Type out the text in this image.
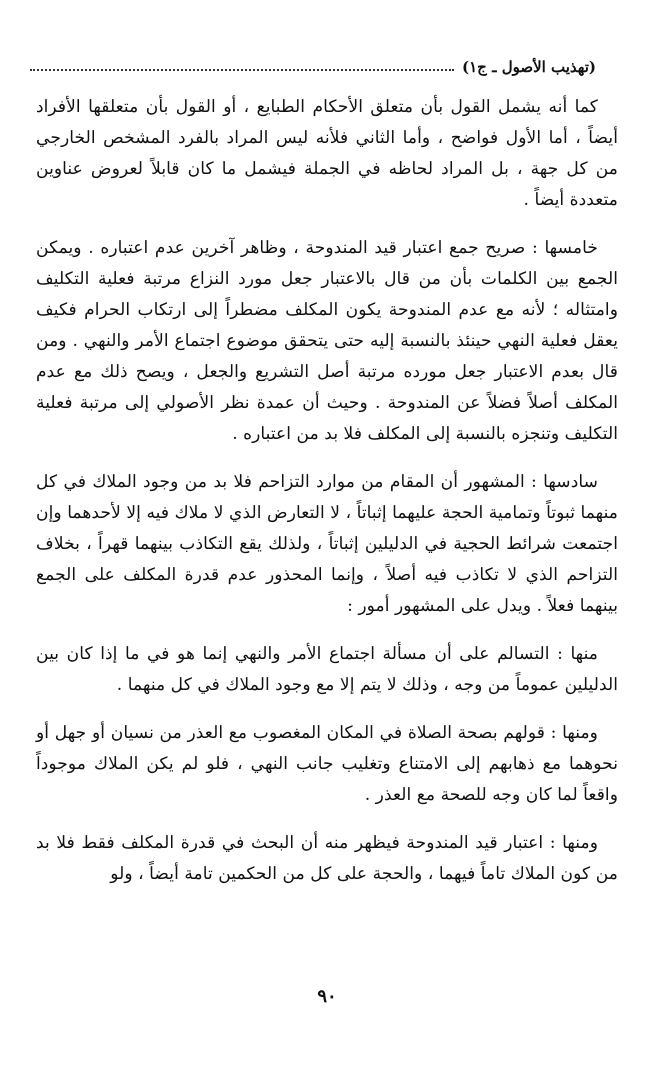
(تهذيب الأصول ـ ج١)

كما أنه يشمل القول بأن متعلق الأحكام الطبايع ، أو القول بأن متعلقها الأفراد أيضاً ، أما الأول فواضح ، وأما الثاني فلأنه ليس المراد بالفرد المشخص الخارجي من كل جهة ، بل المراد لحاظه في الجملة فيشمل ما كان قابلاً لعروض عناوين متعددة أيضاً .

خامسها : صريح جمع اعتبار قيد المندوحة ، وظاهر آخرين عدم اعتباره . ويمكن الجمع بين الكلمات بأن من قال بالاعتبار جعل مورد النزاع مرتبة فعلية التكليف وامتثاله ؛ لأنه مع عدم المندوحة يكون المكلف مضطراً إلى ارتكاب الحرام فكيف يعقل فعلية النهي حينئذ بالنسبة إليه حتى يتحقق موضوع اجتماع الأمر والنهي . ومن قال بعدم الاعتبار جعل مورده مرتبة أصل التشريع والجعل ، ويصح ذلك مع عدم المكلف أصلاً فضلاً عن المندوحة . وحيث أن عمدة نظر الأصولي إلى مرتبة فعلية التكليف وتنجزه بالنسبة إلى المكلف فلا بد من اعتباره .

سادسها : المشهور أن المقام من موارد التزاحم فلا بد من وجود الملاك في كل منهما ثبوتاً وتمامية الحجة عليهما إثباتاً ، لا التعارض الذي لا ملاك فيه إلا لأحدهما وإن اجتمعت شرائط الحجية في الدليلين إثباتاً ، ولذلك يقع التكاذب بينهما قهراً ، بخلاف التزاحم الذي لا تكاذب فيه أصلاً ، وإنما المحذور عدم قدرة المكلف على الجمع بينهما فعلاً . ويدل على المشهور أمور :

منها : التسالم على أن مسألة اجتماع الأمر والنهي إنما هو في ما إذا كان بين الدليلين عموماً من وجه ، وذلك لا يتم إلا مع وجود الملاك في كل منهما .

ومنها : قولهم بصحة الصلاة في المكان المغصوب مع العذر من نسيان أو جهل أو نحوهما مع ذهابهم إلى الامتناع وتغليب جانب النهي ، فلو لم يكن الملاك موجوداً واقعاً لما كان وجه للصحة مع العذر .

ومنها : اعتبار قيد المندوحة فيظهر منه أن البحث في قدرة المكلف فقط فلا بد من كون الملاك تاماً فيهما ، والحجة على كل من الحكمين تامة أيضاً ، ولو

٩٠
